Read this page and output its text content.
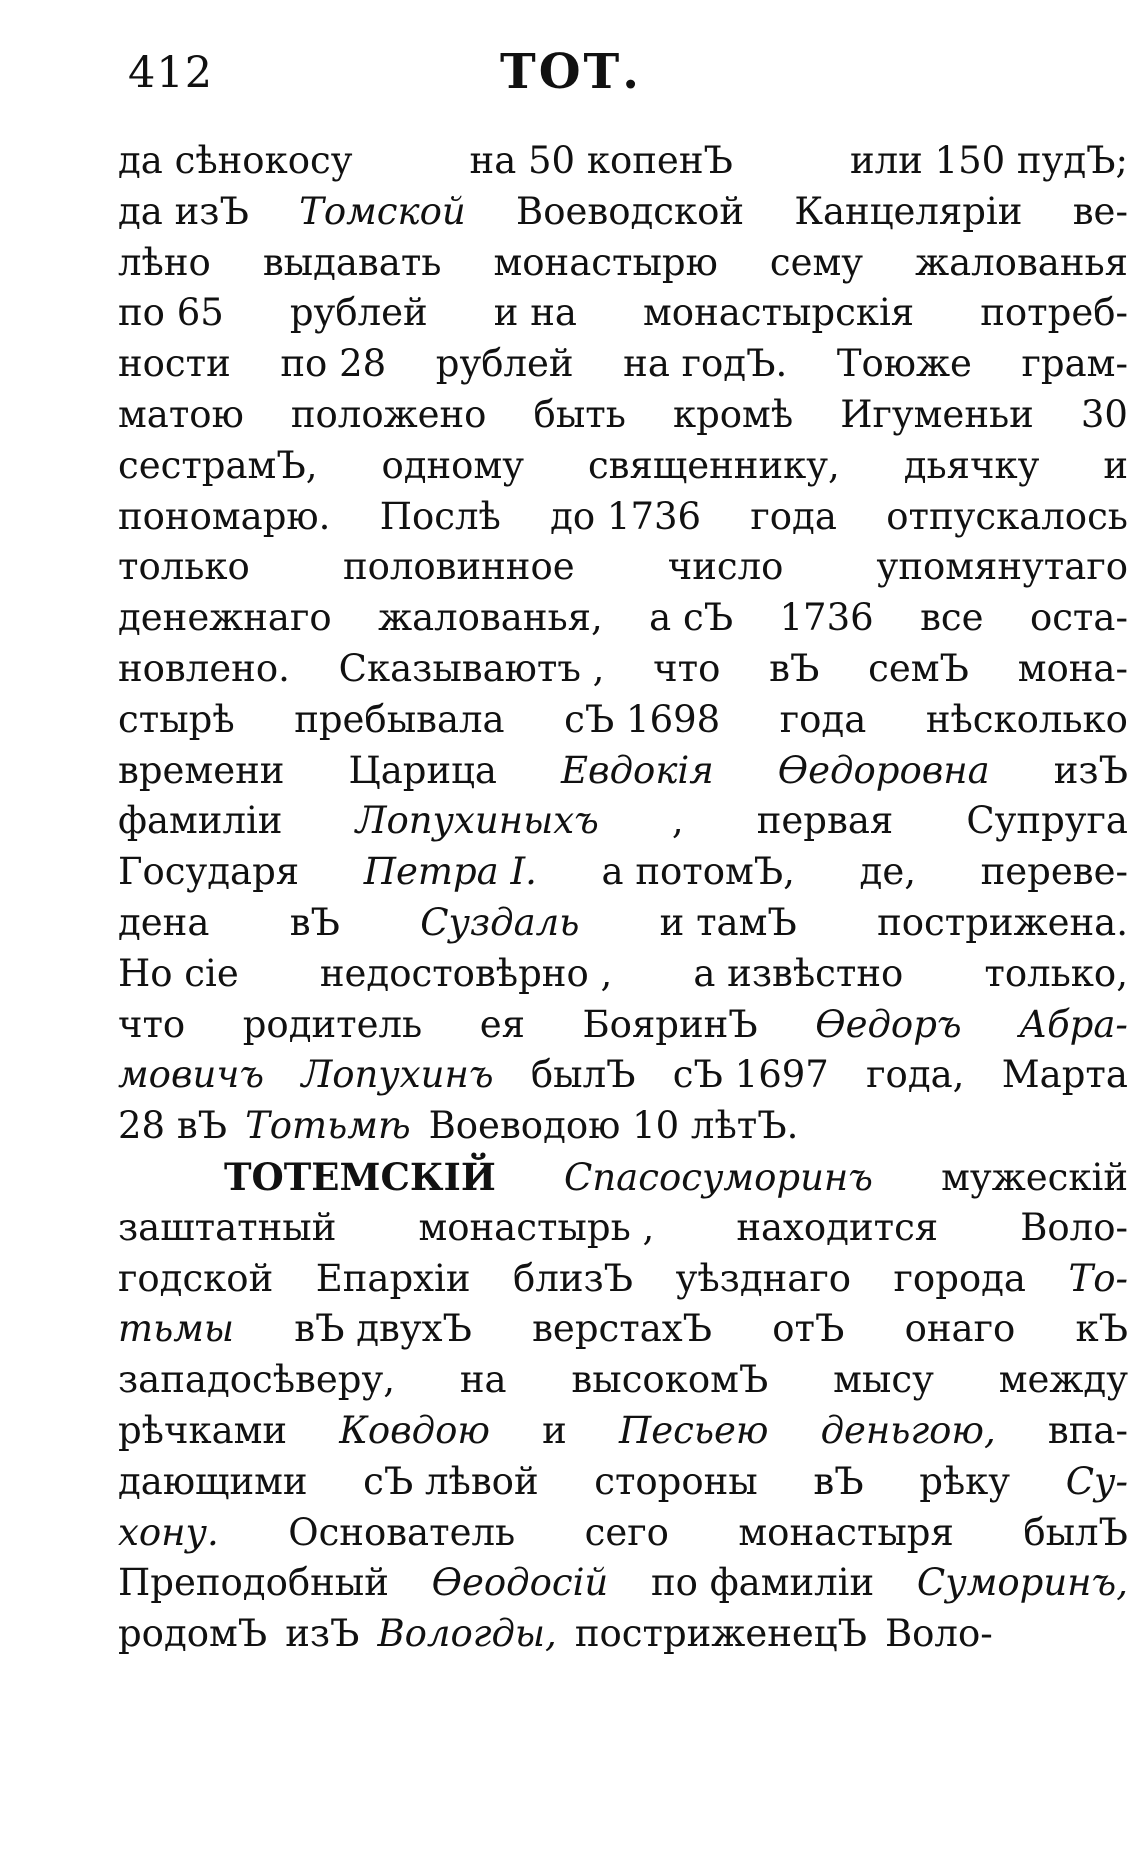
412	ТОТ.
да сѣнокосу	на 50 копенЪ	или 150 пудЪ;
да изЪ Томской Воеводской Канцеляріи ве-
лѣно выдавать монастырю сему жалованья
по 65 рублей и на монастырскія потреб-
ности по 28 рублей на годЪ. Тоюже грам-
матою положено быть кромѣ Игуменьи 30
сестрамЪ, одному священнику, дьячку и
пономарю. Послѣ до 1736 года отпускалось
только	половинное	число	упомянутаго
денежнаго жалованья, а сЪ 1736 все оста-
новлено. Сказываютъ , что вЪ семЪ мона-
стырѣ пребывала сЪ 1698 года нѣсколько
времени Царица Евдокія Ѳедоровна изЪ
фамиліи Лопухиныхъ , первая Супруга
Государя Петра І. а потомЪ, де, переве-
дена вЪ Суздаль и тамЪ пострижена.
Но сіе недостовѣрно , а извѣстно только,
что родитель ея БояринЪ Ѳедоръ Абра-
мовичъ Лопухинъ былЪ сЪ 1697 года, Марта
28 вЪ Тотьмѣ Воеводою 10 лѣтЪ.
ТОТЕМСКІЙ Спасосуморинъ мужескій
заштатный монастырь , находится Воло-
годской Епархіи близЪ уѣзднаго города То-
тьмы вЪ двухЪ верстахЪ отЪ онаго кЪ
западосѣверу, на высокомЪ мысу между
рѣчками Ковдою и Песьею деньгою, впа-
дающими сЪ лѣвой стороны вЪ рѣку Су-
хону. Основатель сего монастыря былЪ
Преподобный Ѳеодосій по фамиліи Суморинъ,
родомЪ изЪ Вологды, постриженецЪ Воло-
